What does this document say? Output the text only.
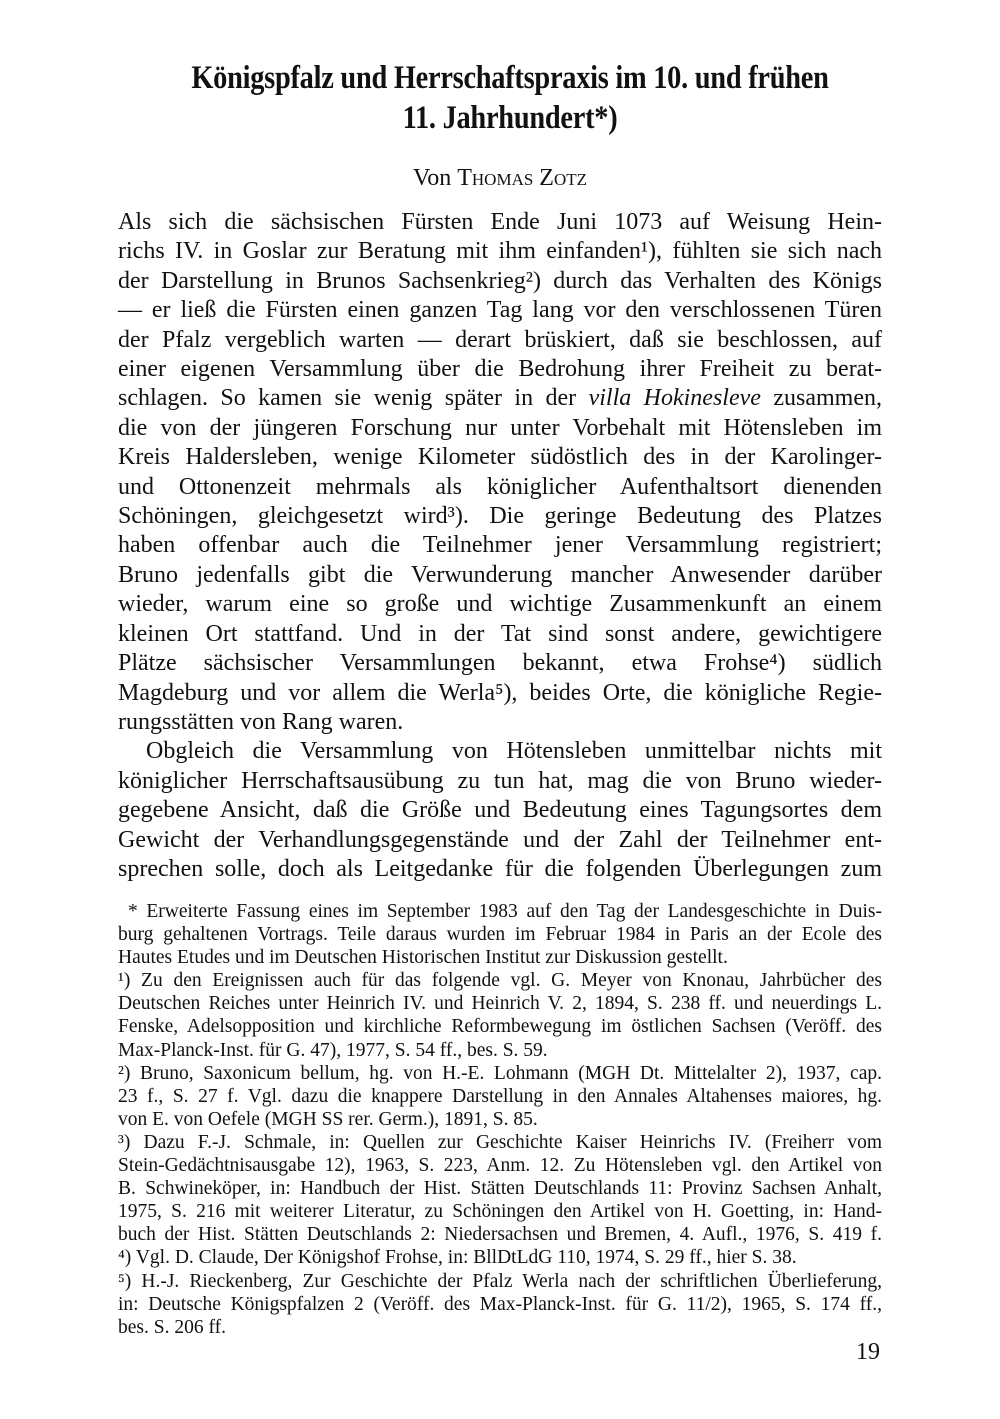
Königspfalz und Herrschaftspraxis im 10. und frühen
11. Jahrhundert*)
Von Thomas Zotz
Als sich die sächsischen Fürsten Ende Juni 1073 auf Weisung Hein-
richs IV. in Goslar zur Beratung mit ihm einfanden¹), fühlten sie sich nach
der Darstellung in Brunos Sachsenkrieg²) durch das Verhalten des Königs
— er ließ die Fürsten einen ganzen Tag lang vor den verschlossenen Türen
der Pfalz vergeblich warten — derart brüskiert, daß sie beschlossen, auf
einer eigenen Versammlung über die Bedrohung ihrer Freiheit zu berat-
schlagen. So kamen sie wenig später in der villa Hokinesleve zusammen,
die von der jüngeren Forschung nur unter Vorbehalt mit Hötensleben im
Kreis Haldersleben, wenige Kilometer südöstlich des in der Karolinger-
und Ottonenzeit mehrmals als königlicher Aufenthaltsort dienenden
Schöningen, gleichgesetzt wird³). Die geringe Bedeutung des Platzes
haben offenbar auch die Teilnehmer jener Versammlung registriert;
Bruno jedenfalls gibt die Verwunderung mancher Anwesender darüber
wieder, warum eine so große und wichtige Zusammenkunft an einem
kleinen Ort stattfand. Und in der Tat sind sonst andere, gewichtigere
Plätze sächsischer Versammlungen bekannt, etwa Frohse⁴) südlich
Magdeburg und vor allem die Werla⁵), beides Orte, die königliche Regie-
rungsstätten von Rang waren.
Obgleich die Versammlung von Hötensleben unmittelbar nichts mit
königlicher Herrschaftsausübung zu tun hat, mag die von Bruno wieder-
gegebene Ansicht, daß die Größe und Bedeutung eines Tagungsortes dem
Gewicht der Verhandlungsgegenstände und der Zahl der Teilnehmer ent-
sprechen solle, doch als Leitgedanke für die folgenden Überlegungen zum
* Erweiterte Fassung eines im September 1983 auf den Tag der Landesgeschichte in Duis-
burg gehaltenen Vortrags. Teile daraus wurden im Februar 1984 in Paris an der Ecole des
Hautes Etudes und im Deutschen Historischen Institut zur Diskussion gestellt.
¹) Zu den Ereignissen auch für das folgende vgl. G. Meyer von Knonau, Jahrbücher des
Deutschen Reiches unter Heinrich IV. und Heinrich V. 2, 1894, S. 238 ff. und neuerdings L.
Fenske, Adelsopposition und kirchliche Reformbewegung im östlichen Sachsen (Veröff. des
Max-Planck-Inst. für G. 47), 1977, S. 54 ff., bes. S. 59.
²) Bruno, Saxonicum bellum, hg. von H.-E. Lohmann (MGH Dt. Mittelalter 2), 1937, cap.
23 f., S. 27 f. Vgl. dazu die knappere Darstellung in den Annales Altahenses maiores, hg.
von E. von Oefele (MGH SS rer. Germ.), 1891, S. 85.
³) Dazu F.-J. Schmale, in: Quellen zur Geschichte Kaiser Heinrichs IV. (Freiherr vom
Stein-Gedächtnisausgabe 12), 1963, S. 223, Anm. 12. Zu Hötensleben vgl. den Artikel von
B. Schwineköper, in: Handbuch der Hist. Stätten Deutschlands 11: Provinz Sachsen Anhalt,
1975, S. 216 mit weiterer Literatur, zu Schöningen den Artikel von H. Goetting, in: Hand-
buch der Hist. Stätten Deutschlands 2: Niedersachsen und Bremen, 4. Aufl., 1976, S. 419 f.
⁴) Vgl. D. Claude, Der Königshof Frohse, in: BllDtLdG 110, 1974, S. 29 ff., hier S. 38.
⁵) H.-J. Rieckenberg, Zur Geschichte der Pfalz Werla nach der schriftlichen Überlieferung,
in: Deutsche Königspfalzen 2 (Veröff. des Max-Planck-Inst. für G. 11/2), 1965, S. 174 ff.,
bes. S. 206 ff.
19
